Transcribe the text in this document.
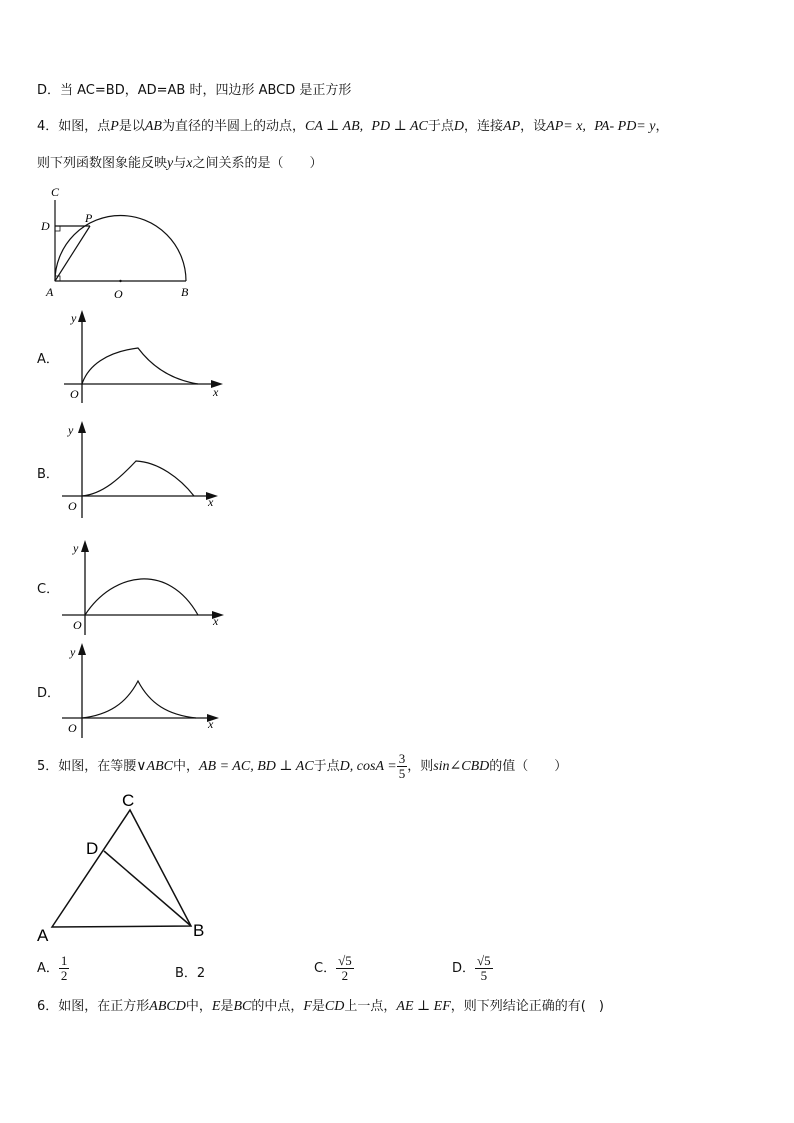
D．当 AC=BD，AD=AB 时，四边形 ABCD 是正方形
4．如图，点P是以AB为直径的半圆上的动点，CA ⊥ AB, PD ⊥ AC于点D，连接AP，设AP= x, PA- PD= y，
则下列函数图象能反映y与x之间关系的是（　　）
C
D
P
A	O	B
A．
y
O	x
B．
y
O	x
C．
y
O	x
D．
y
O	x
5．如图，在等腰∨ABC中，AB = AC, BD ⊥ AC于点D, $\cos A = \frac{3}{5}$ ，则sin∠CBD的值（　　）
C
D
A	B
A． $\frac{1}{2}$	B．2	C． $\frac{√5}{2}$	D． $\frac{√5}{5}$
6．如图，在正方形ABCD中，E是BC的中点，F是CD上一点，AE ⊥ EF，则下列结论正确的有(　)
